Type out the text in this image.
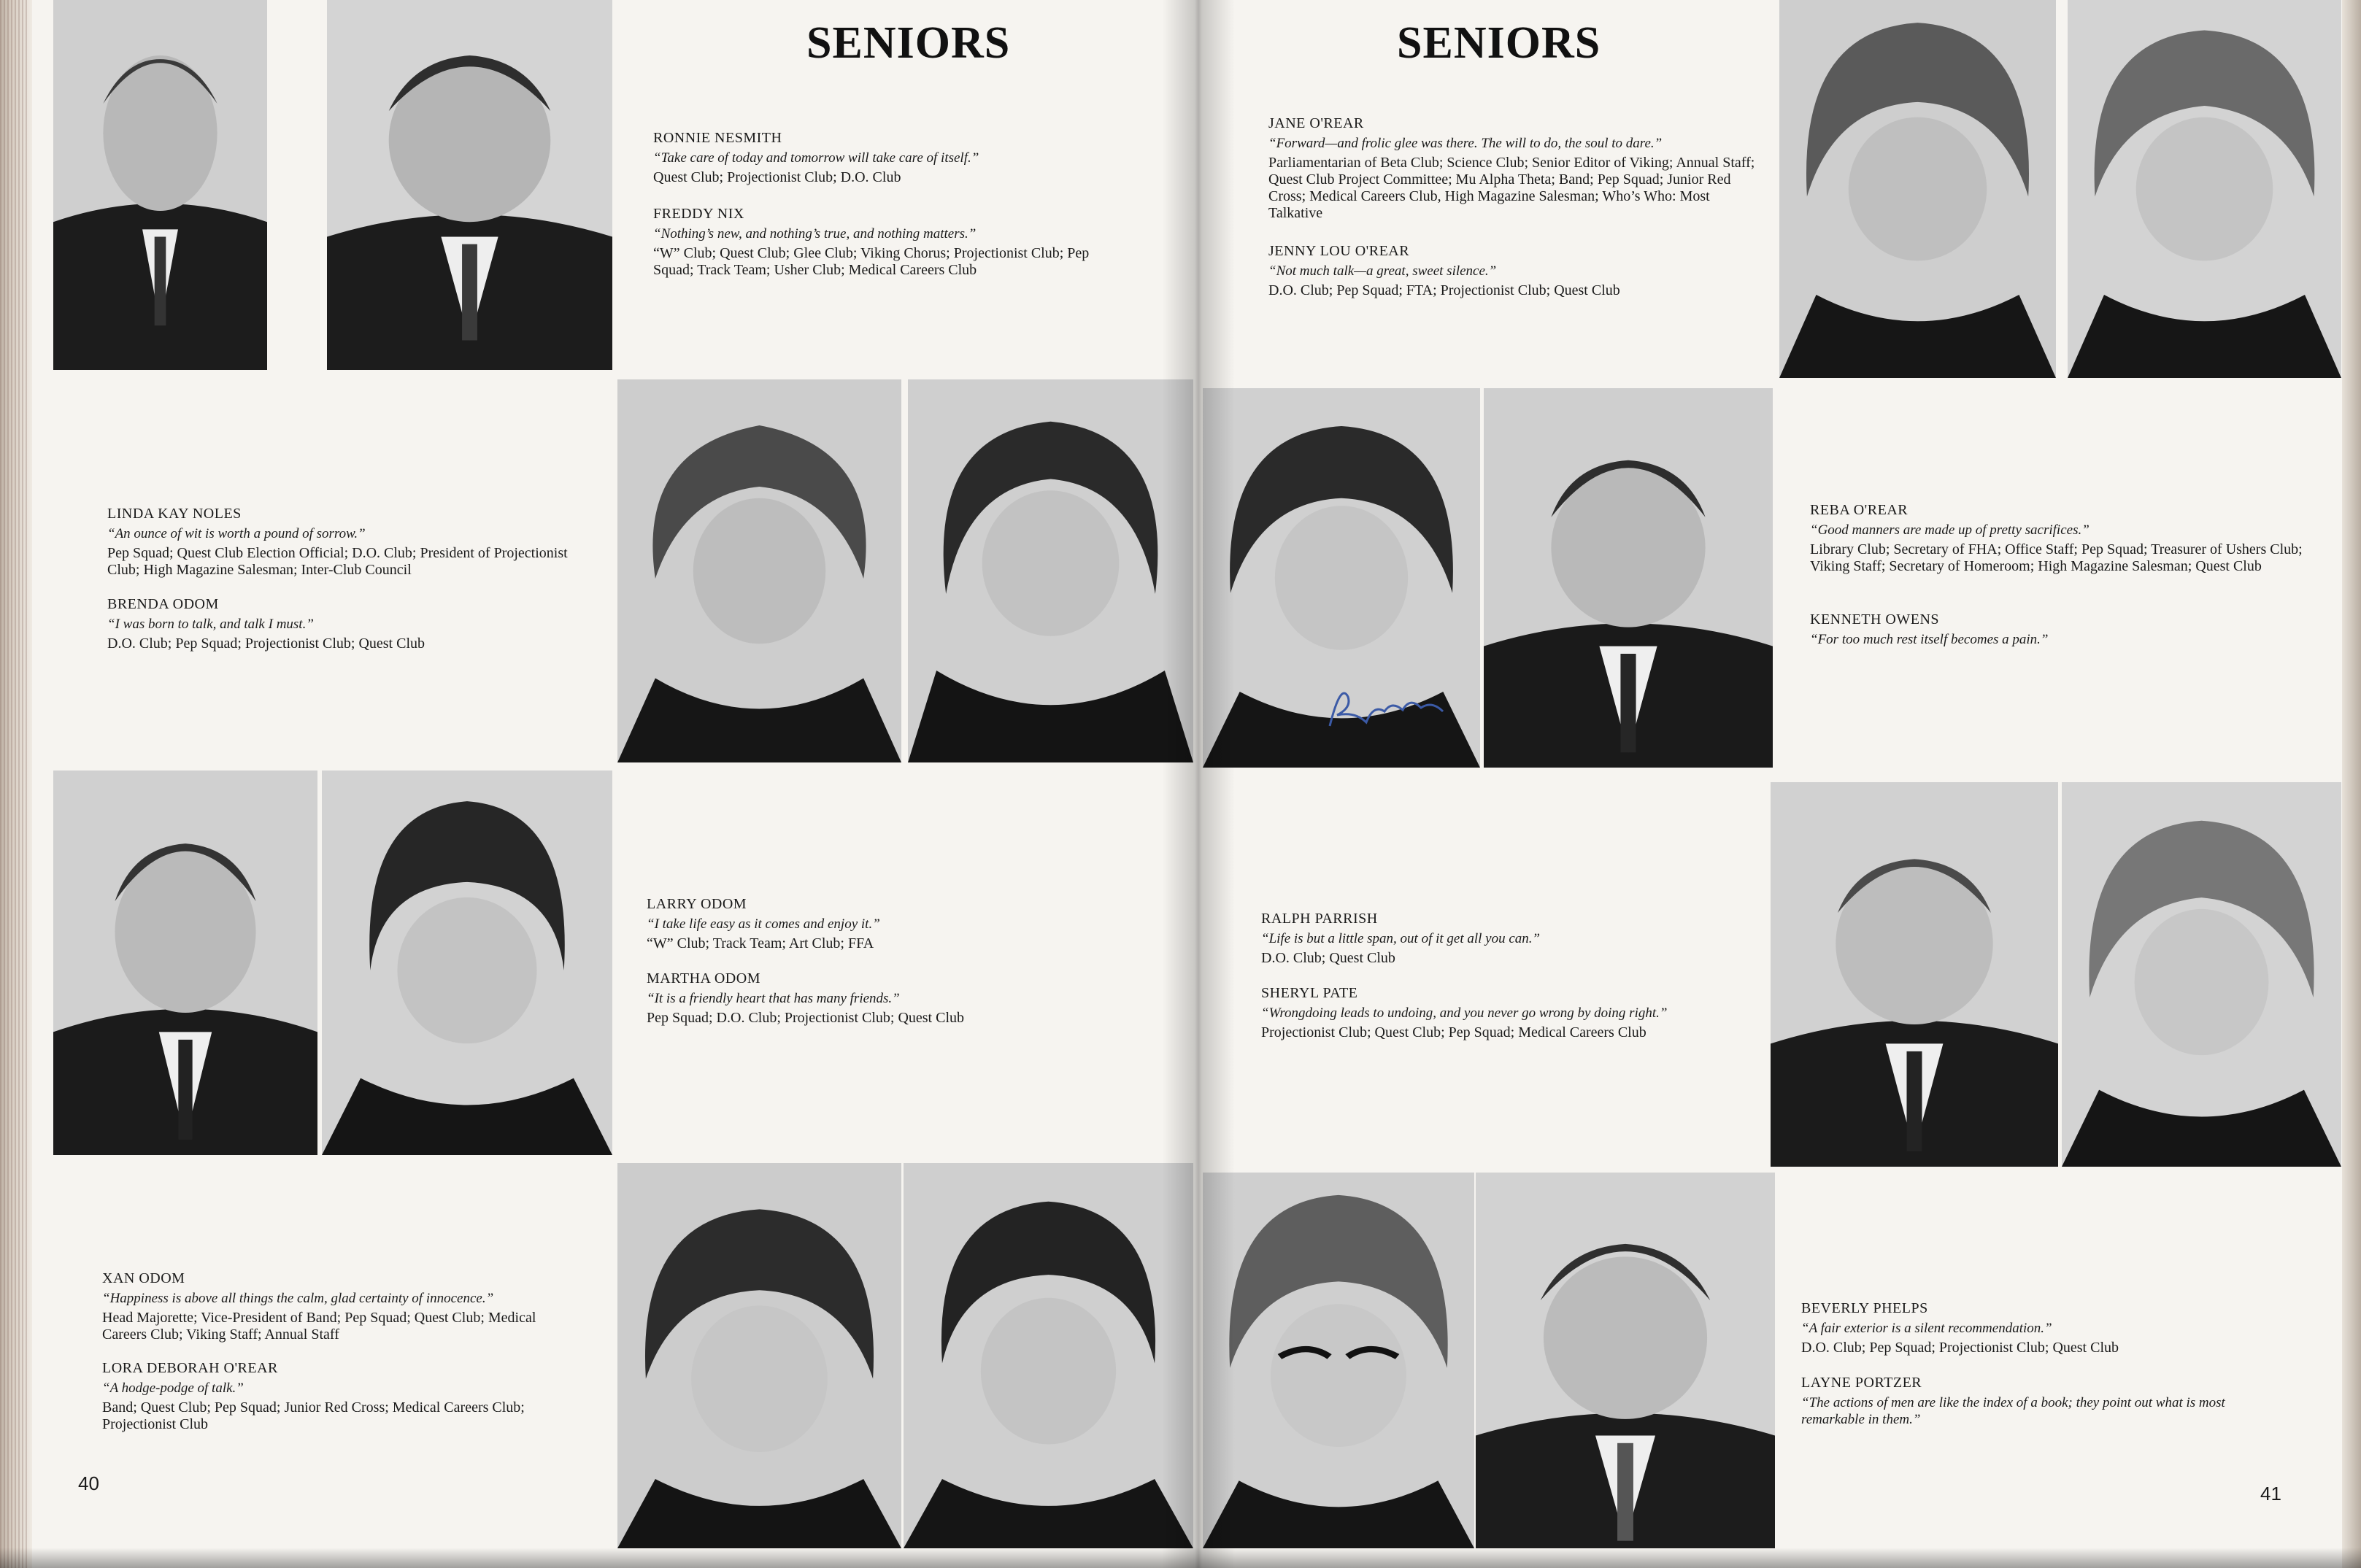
SENIORS
RONNIE NESMITH
“Take care of today and tomorrow will take care of itself.”
Quest Club; Projectionist Club; D.O. Club
FREDDY NIX
“Nothing’s new, and nothing’s true, and nothing matters.”
“W” Club; Quest Club; Glee Club; Viking Chorus; Projectionist Club; Pep Squad; Track Team; Usher Club; Medical Careers Club
LINDA KAY NOLES
“An ounce of wit is worth a pound of sorrow.”
Pep Squad; Quest Club Election Official; D.O. Club; President of Projectionist Club; High Magazine Salesman; Inter-Club Council
BRENDA ODOM
“I was born to talk, and talk I must.”
D.O. Club; Pep Squad; Projectionist Club; Quest Club
LARRY ODOM
“I take life easy as it comes and enjoy it.”
“W” Club; Track Team; Art Club; FFA
MARTHA ODOM
“It is a friendly heart that has many friends.”
Pep Squad; D.O. Club; Projectionist Club; Quest Club
XAN ODOM
“Happiness is above all things the calm, glad certainty of innocence.”
Head Majorette; Vice-President of Band; Pep Squad; Quest Club; Medical Careers Club; Viking Staff; Annual Staff
LORA DEBORAH O'REAR
“A hodge-podge of talk.”
Band; Quest Club; Pep Squad; Junior Red Cross; Medical Careers Club; Projectionist Club
40
SENIORS
JANE O'REAR
“Forward—and frolic glee was there. The will to do, the soul to dare.”
Parliamentarian of Beta Club; Science Club; Senior Editor of Viking; Annual Staff; Quest Club Project Committee; Mu Alpha Theta; Band; Pep Squad; Junior Red Cross; Medical Careers Club, High Magazine Salesman; Who’s Who: Most Talkative
JENNY LOU O'REAR
“Not much talk—a great, sweet silence.”
D.O. Club; Pep Squad; FTA; Projectionist Club; Quest Club
REBA O'REAR
“Good manners are made up of pretty sacrifices.”
Library Club; Secretary of FHA; Office Staff; Pep Squad; Treasurer of Ushers Club; Viking Staff; Secretary of Homeroom; High Magazine Salesman; Quest Club
KENNETH OWENS
“For too much rest itself becomes a pain.”
RALPH PARRISH
“Life is but a little span, out of it get all you can.”
D.O. Club; Quest Club
SHERYL PATE
“Wrongdoing leads to undoing, and you never go wrong by doing right.”
Projectionist Club; Quest Club; Pep Squad; Medical Careers Club
BEVERLY PHELPS
“A fair exterior is a silent recommendation.”
D.O. Club; Pep Squad; Projectionist Club; Quest Club
LAYNE PORTZER
“The actions of men are like the index of a book; they point out what is most remarkable in them.”
41
